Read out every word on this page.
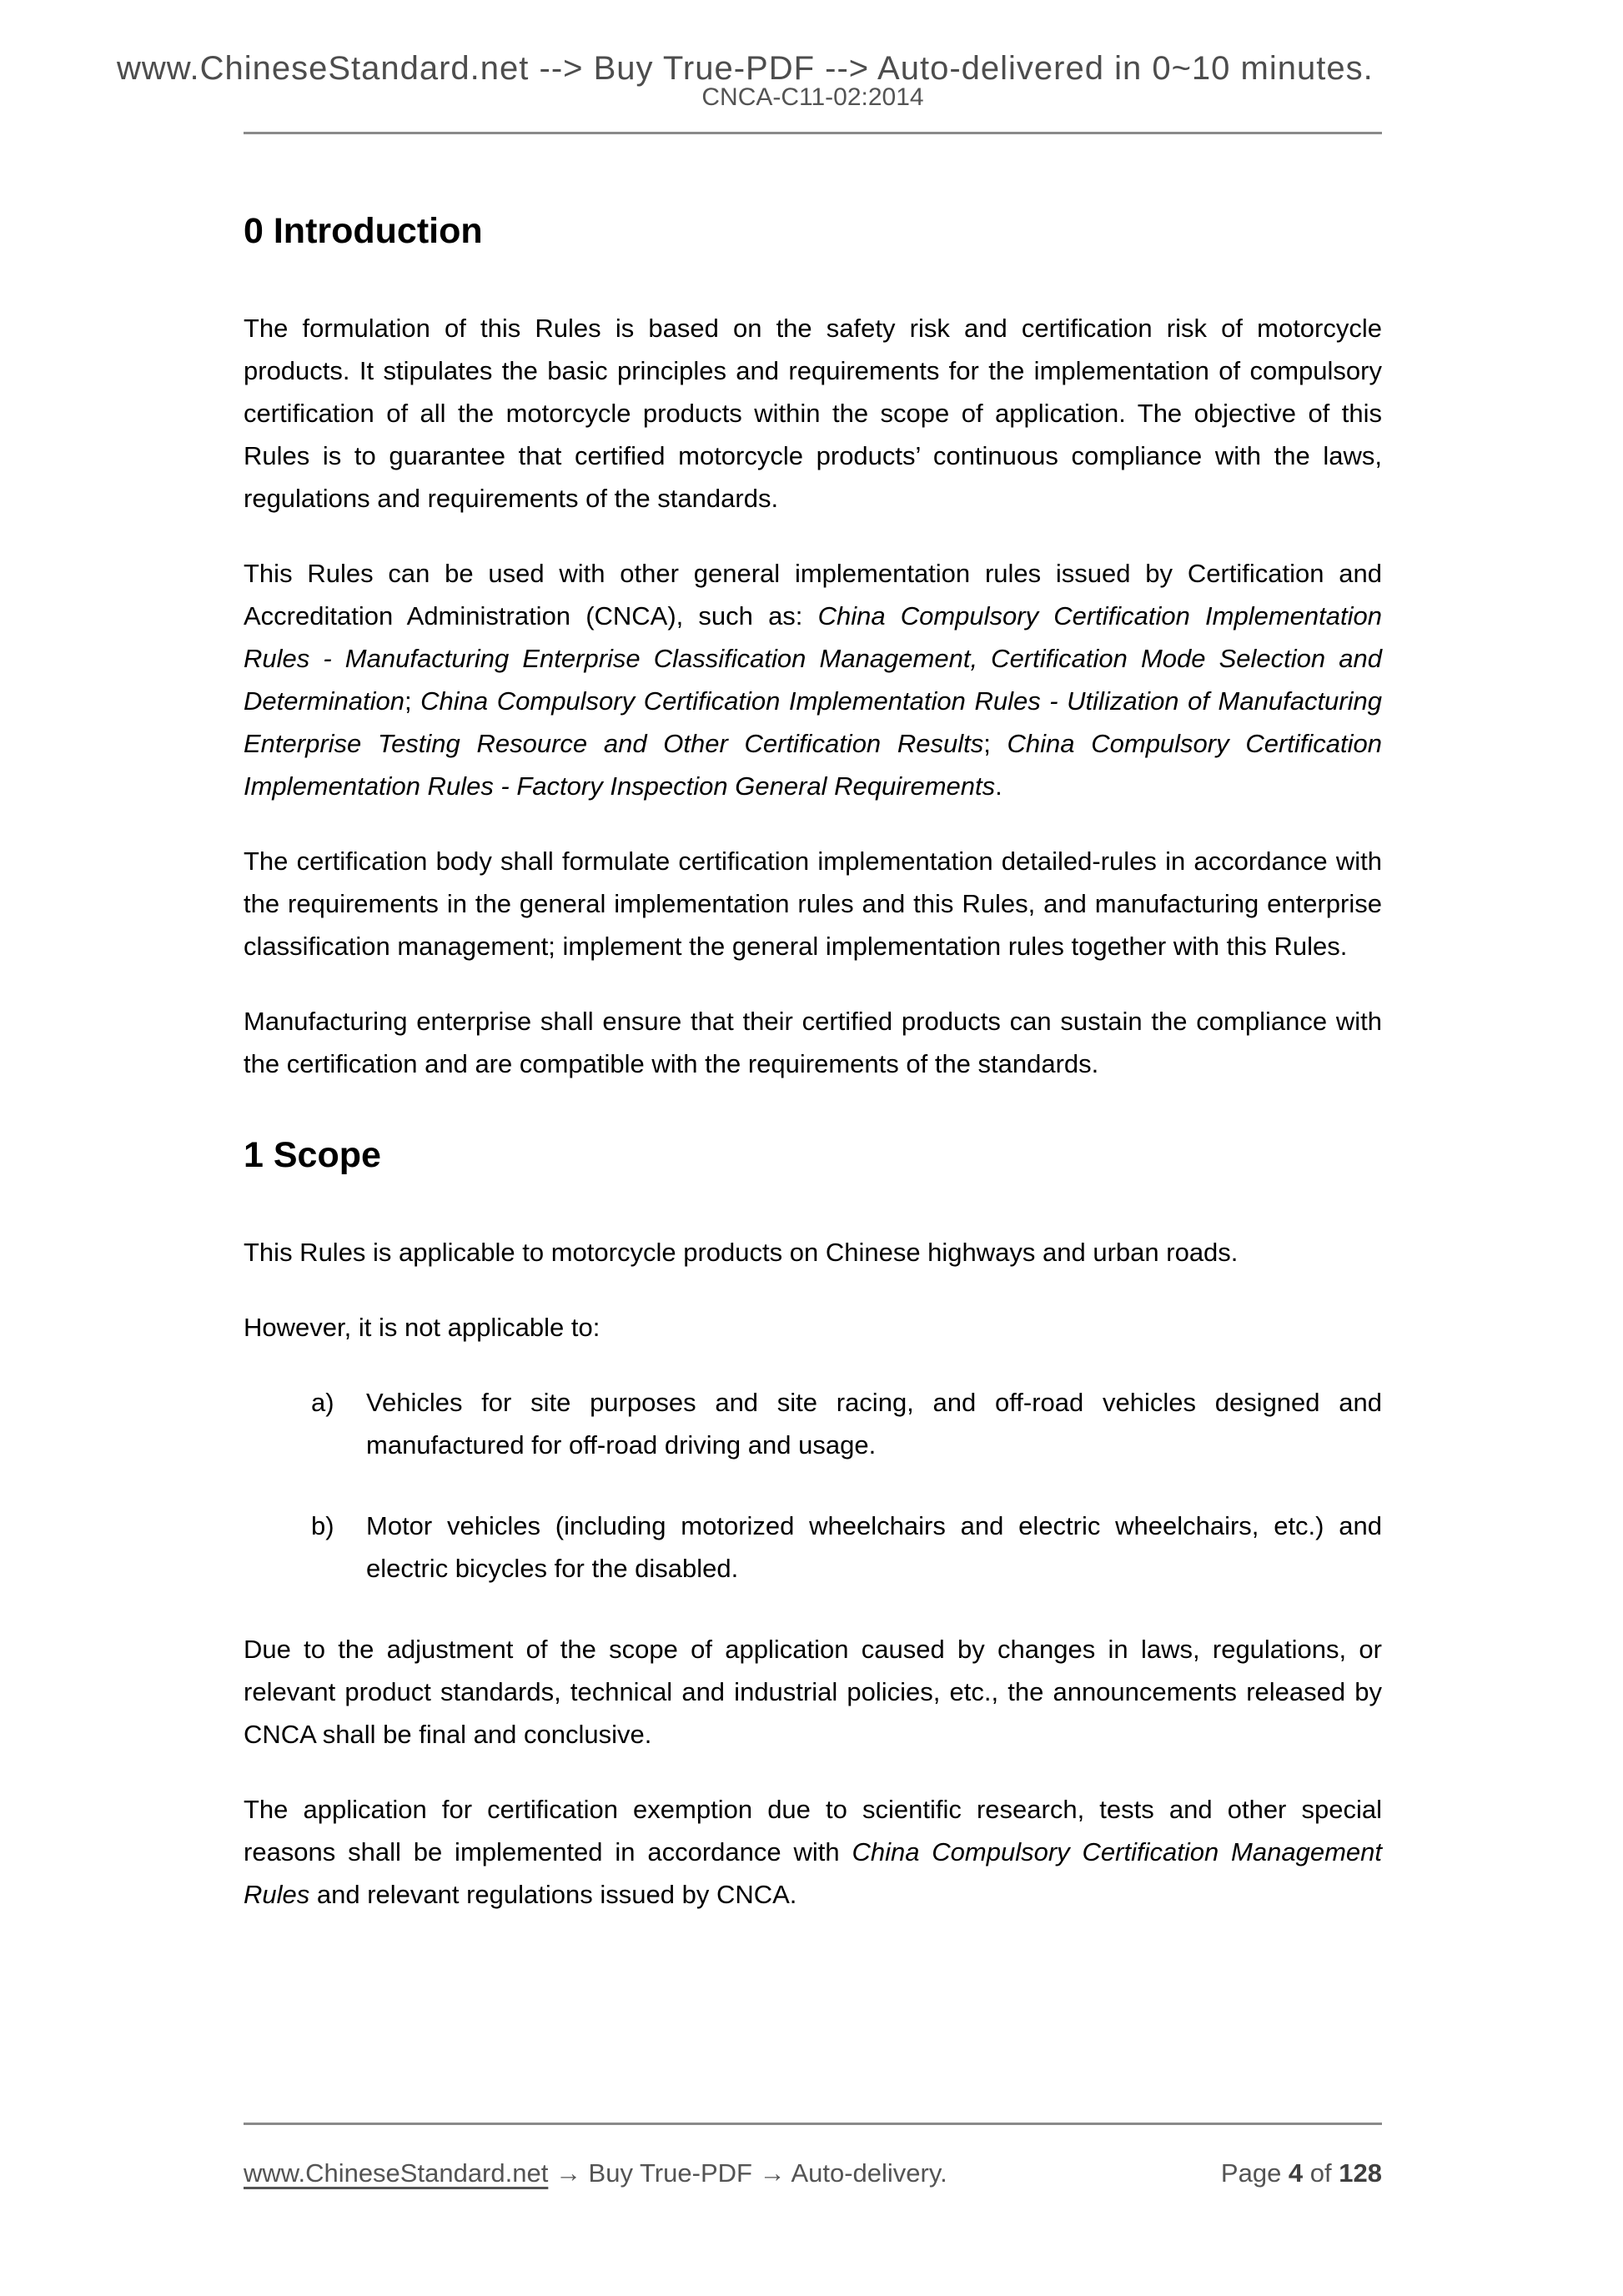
www.ChineseStandard.net --> Buy True-PDF --> Auto-delivered in 0~10 minutes.
CNCA-C11-02:2014
0 Introduction

The formulation of this Rules is based on the safety risk and certification risk of motorcycle products. It stipulates the basic principles and requirements for the implementation of compulsory certification of all the motorcycle products within the scope of application. The objective of this Rules is to guarantee that certified motorcycle products’ continuous compliance with the laws, regulations and requirements of the standards.

This Rules can be used with other general implementation rules issued by Certification and Accreditation Administration (CNCA), such as: China Compulsory Certification Implementation Rules - Manufacturing Enterprise Classification Management, Certification Mode Selection and Determination; China Compulsory Certification Implementation Rules - Utilization of Manufacturing Enterprise Testing Resource and Other Certification Results; China Compulsory Certification Implementation Rules - Factory Inspection General Requirements.

The certification body shall formulate certification implementation detailed-rules in accordance with the requirements in the general implementation rules and this Rules, and manufacturing enterprise classification management; implement the general implementation rules together with this Rules.

Manufacturing enterprise shall ensure that their certified products can sustain the compliance with the certification and are compatible with the requirements of the standards.

1 Scope

This Rules is applicable to motorcycle products on Chinese highways and urban roads.

However, it is not applicable to:

a)	Vehicles for site purposes and site racing, and off-road vehicles designed and manufactured for off-road driving and usage.
b)	Motor vehicles (including motorized wheelchairs and electric wheelchairs, etc.) and electric bicycles for the disabled.

Due to the adjustment of the scope of application caused by changes in laws, regulations, or relevant product standards, technical and industrial policies, etc., the announcements released by CNCA shall be final and conclusive.

The application for certification exemption due to scientific research, tests and other special reasons shall be implemented in accordance with China Compulsory Certification Management Rules and relevant regulations issued by CNCA.

www.ChineseStandard.net → Buy True-PDF → Auto-delivery.	Page 4 of 128
